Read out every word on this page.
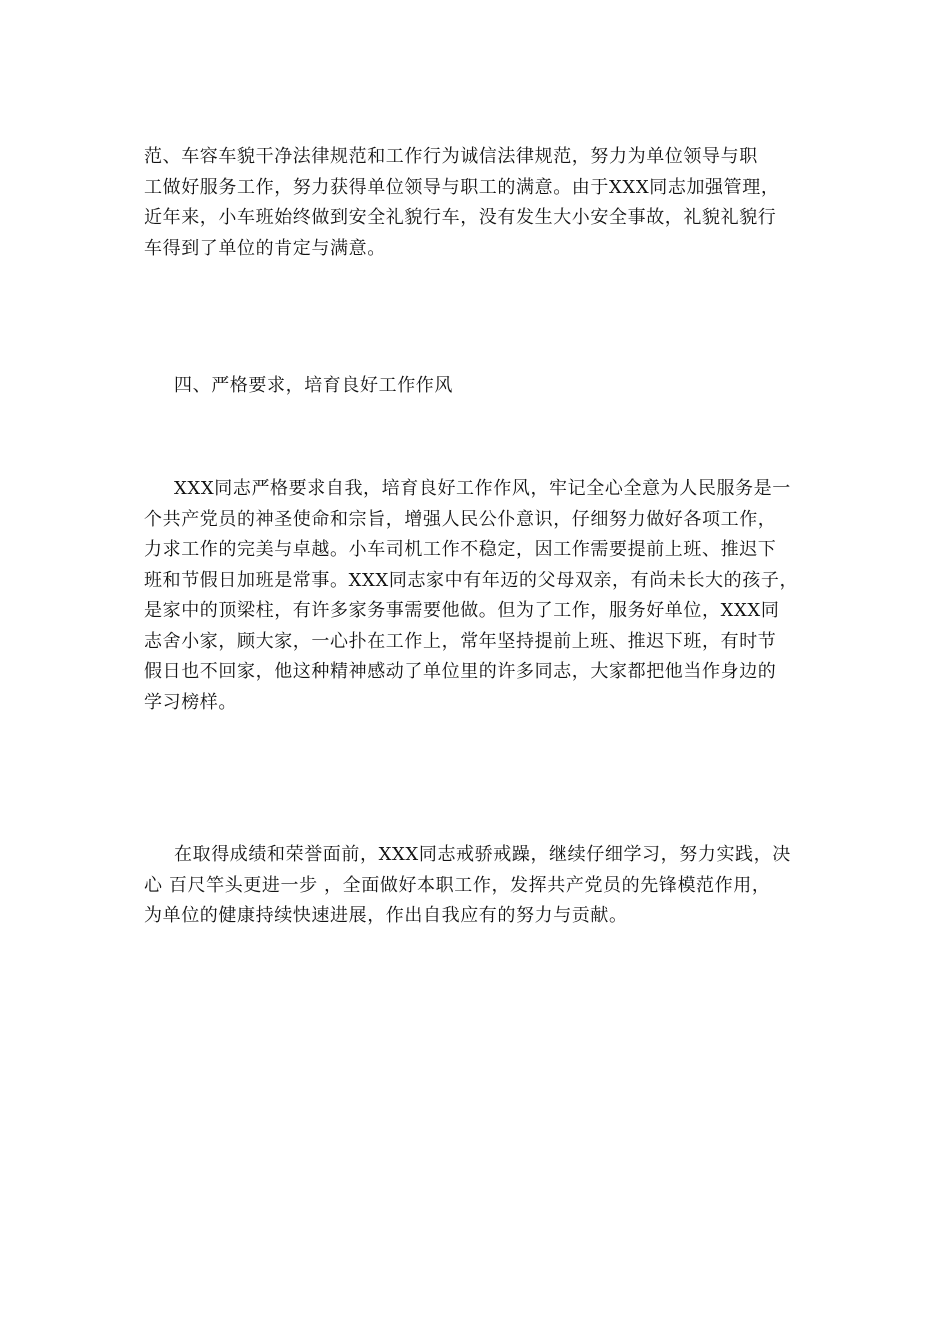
范、车容车貌干净法律规范和工作行为诚信法律规范，努力为单位领导与职
工做好服务工作，努力获得单位领导与职工的满意。由于XXX同志加强管理，
近年来，小车班始终做到安全礼貌行车，没有发生大小安全事故，礼貌礼貌行
车得到了单位的肯定与满意。
四、严格要求，培育良好工作作风
XXX同志严格要求自我，培育良好工作作风，牢记全心全意为人民服务是一
个共产党员的神圣使命和宗旨，增强人民公仆意识，仔细努力做好各项工作，
力求工作的完美与卓越。小车司机工作不稳定，因工作需要提前上班、推迟下
班和节假日加班是常事。XXX同志家中有年迈的父母双亲，有尚未长大的孩子，
是家中的顶梁柱，有许多家务事需要他做。但为了工作，服务好单位，XXX同
志舍小家，顾大家，一心扑在工作上，常年坚持提前上班、推迟下班，有时节
假日也不回家，他这种精神感动了单位里的许多同志，大家都把他当作身边的
学习榜样。
在取得成绩和荣誉面前，XXX同志戒骄戒躁，继续仔细学习，努力实践，决
心 百尺竿头更进一步 ，全面做好本职工作，发挥共产党员的先锋模范作用，
为单位的健康持续快速进展，作出自我应有的努力与贡献。
